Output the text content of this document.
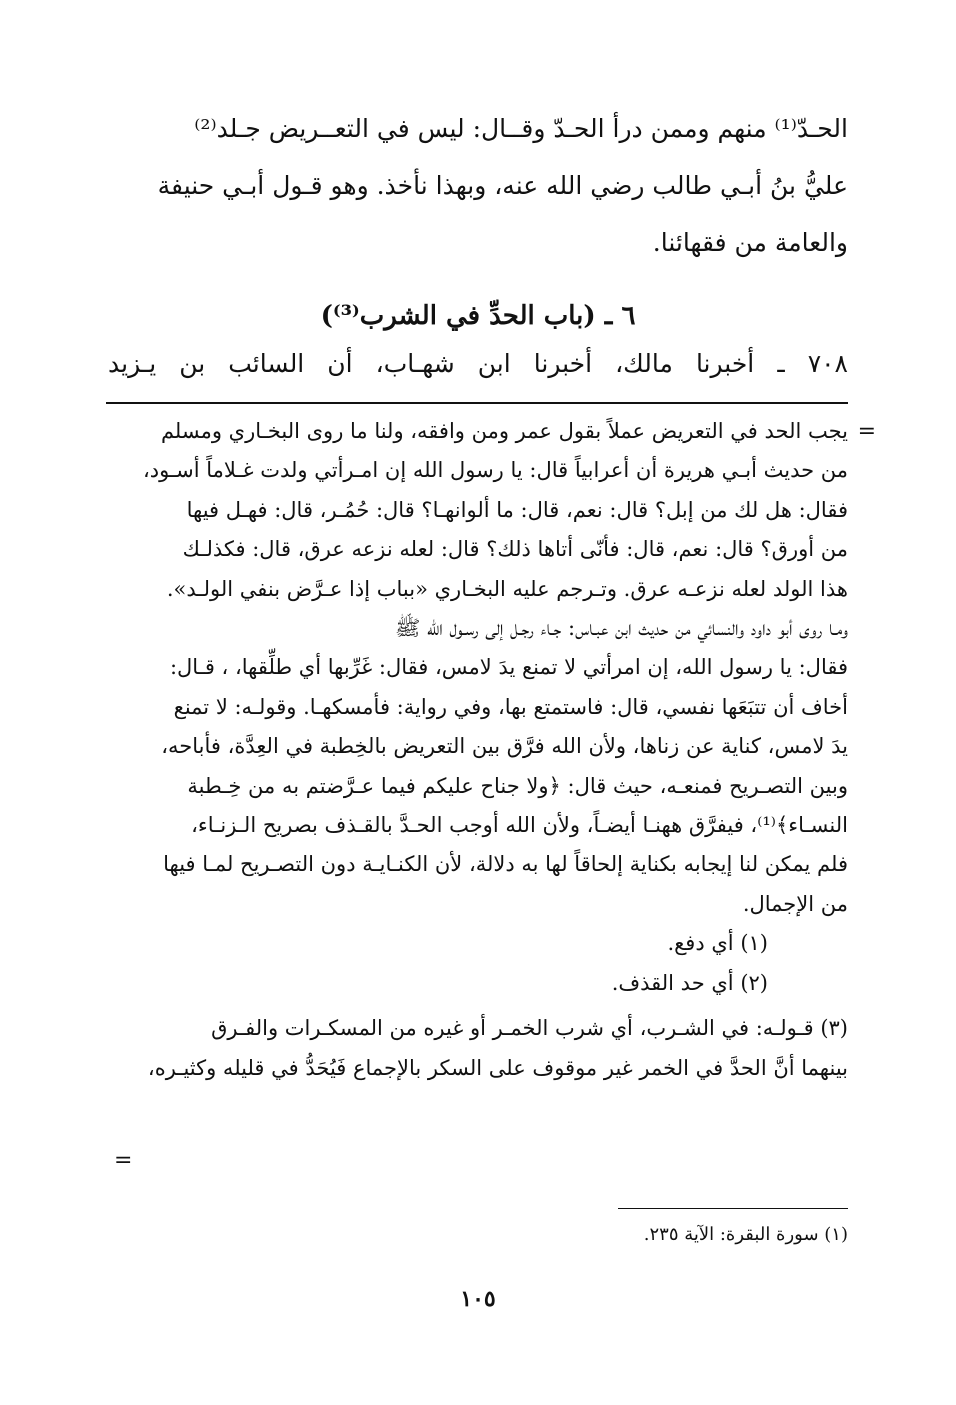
الحـدّ⁽¹⁾ منهم وممن درأ الحـدّ وقــال: ليس في التعــريض جـلد⁽²⁾

عليُّ بنُ أبـي طالب رضي الله عنه، وبهذا نأخذ. وهو قـول أبـي حنيفة

والعامة من فقهائنا.

٦ ـ (باب الحدِّ في الشرب⁽³⁾)
٧٠٨ ـ أخبرنا مالك، أخبرنا ابن شهـاب، أن السائب بن يـزيد
=

يجب الحد في التعريض عملاً بقول عمر ومن وافقه، ولنا ما روى البخـاري ومسلم

من حديث أبـي هريرة أن أعرابياً قال: يا رسول الله إن امـرأتي ولدت غـلاماً أسـود،

فقال: هل لك من إبل؟ قال: نعم، قال: ما ألوانهـا؟ قال: حُمُـر، قال: فهـل فيها

من أورق؟ قال: نعم، قال: فأنّى أتاها ذلك؟ قال: لعله نزعه عرق، قال: فكذلـك

هذا الولد لعله نزعـه عرق. وتـرجم عليه البخـاري «بباب إذا عـرَّض بنفي الولـد».

ومـا روى أبو داود والنسائي من حديث ابن عبـاس: جـاء رجـل إلى رسـول الله ﷺ

فقال: يا رسول الله، إن امرأتي لا تمنع يدَ لامس، فقال: غَرِّبها أي طلِّقها، ، قـال:

أخاف أن تتبَعَها نفسي، قال: فاستمتع بها، وفي رواية: فأمسكهـا. وقولـه: لا تمنع

يدَ لامس، كناية عن زناها، ولأن الله فرَّق بين التعريض بالخِطبة في العِدَّة، فأباحه،

وبين التصـريح فمنعـه، حيث قال: ﴿ولا جناح عليكم فيما عـرَّضتم به من خِـطبة

النسـاء﴾⁽¹⁾، فيفرَّق ههنـا أيضـاً، ولأن الله أوجب الحـدَّ بالقـذف بصريح الـزنـاء،

فلم يمكن لنا إيجابه بكناية إلحاقاً لها به دلالة، لأن الكنـايـة دون التصـريح لمـا فيها

من الإجمال.

(١) أي دفع.

(٢) أي حد القذف.

(٣) قـولـه: في الشـرب، أي شرب الخمـر أو غيره من المسكـرات والفـرق

بينهما أنَّ الحدَّ في الخمر غير موقوف على السكر بالإجماع فَيُحَدُّ في قليله وكثيـره،

=
(١) سورة البقرة: الآية ٢٣٥.
١٠٥
